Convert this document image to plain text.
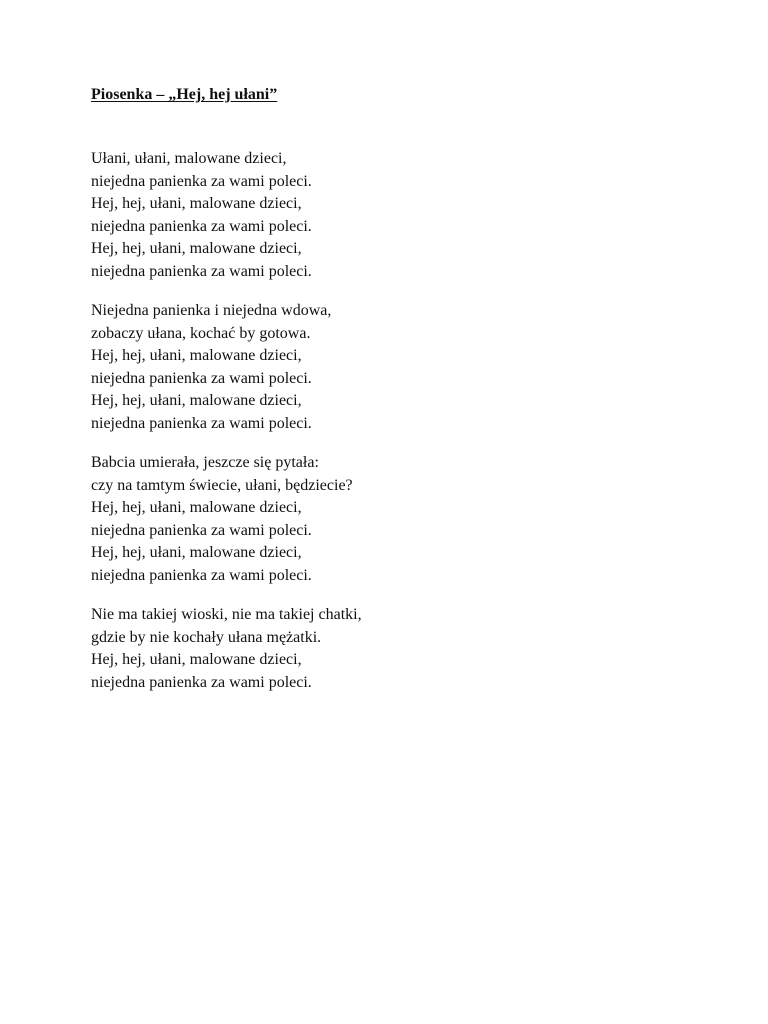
Piosenka – „Hej, hej ułani”
Ułani, ułani, malowane dzieci,
niejedna panienka za wami poleci.
Hej, hej, ułani, malowane dzieci,
niejedna panienka za wami poleci.
Hej, hej, ułani, malowane dzieci,
niejedna panienka za wami poleci.
Niejedna panienka i niejedna wdowa,
zobaczy ułana, kochać by gotowa.
Hej, hej, ułani, malowane dzieci,
niejedna panienka za wami poleci.
Hej, hej, ułani, malowane dzieci,
niejedna panienka za wami poleci.
Babcia umierała, jeszcze się pytała:
czy na tamtym świecie, ułani, będziecie?
Hej, hej, ułani, malowane dzieci,
niejedna panienka za wami poleci.
Hej, hej, ułani, malowane dzieci,
niejedna panienka za wami poleci.
Nie ma takiej wioski, nie ma takiej chatki,
gdzie by nie kochały ułana mężatki.
Hej, hej, ułani, malowane dzieci,
niejedna panienka za wami poleci.
